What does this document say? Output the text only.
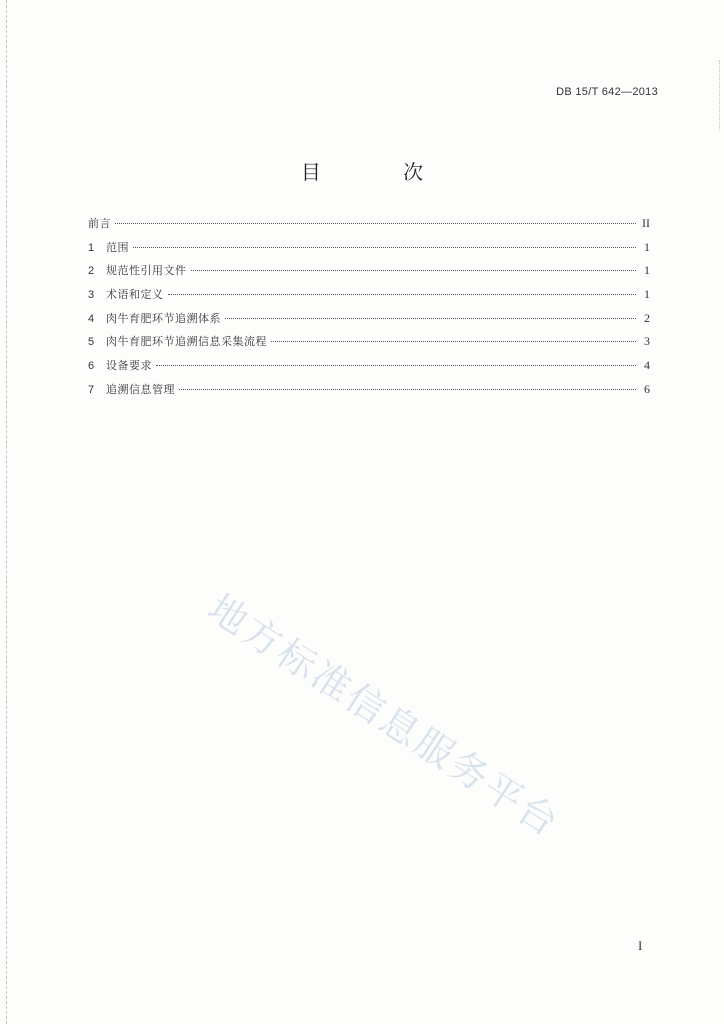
DB 15/T 642—2013
目 次
前言	II
1	范围	1
2	规范性引用文件	1
3	术语和定义	1
4	肉牛育肥环节追溯体系	2
5	肉牛育肥环节追溯信息采集流程	3
6	设备要求	4
7	追溯信息管理	6
地方标准信息服务平台
I
